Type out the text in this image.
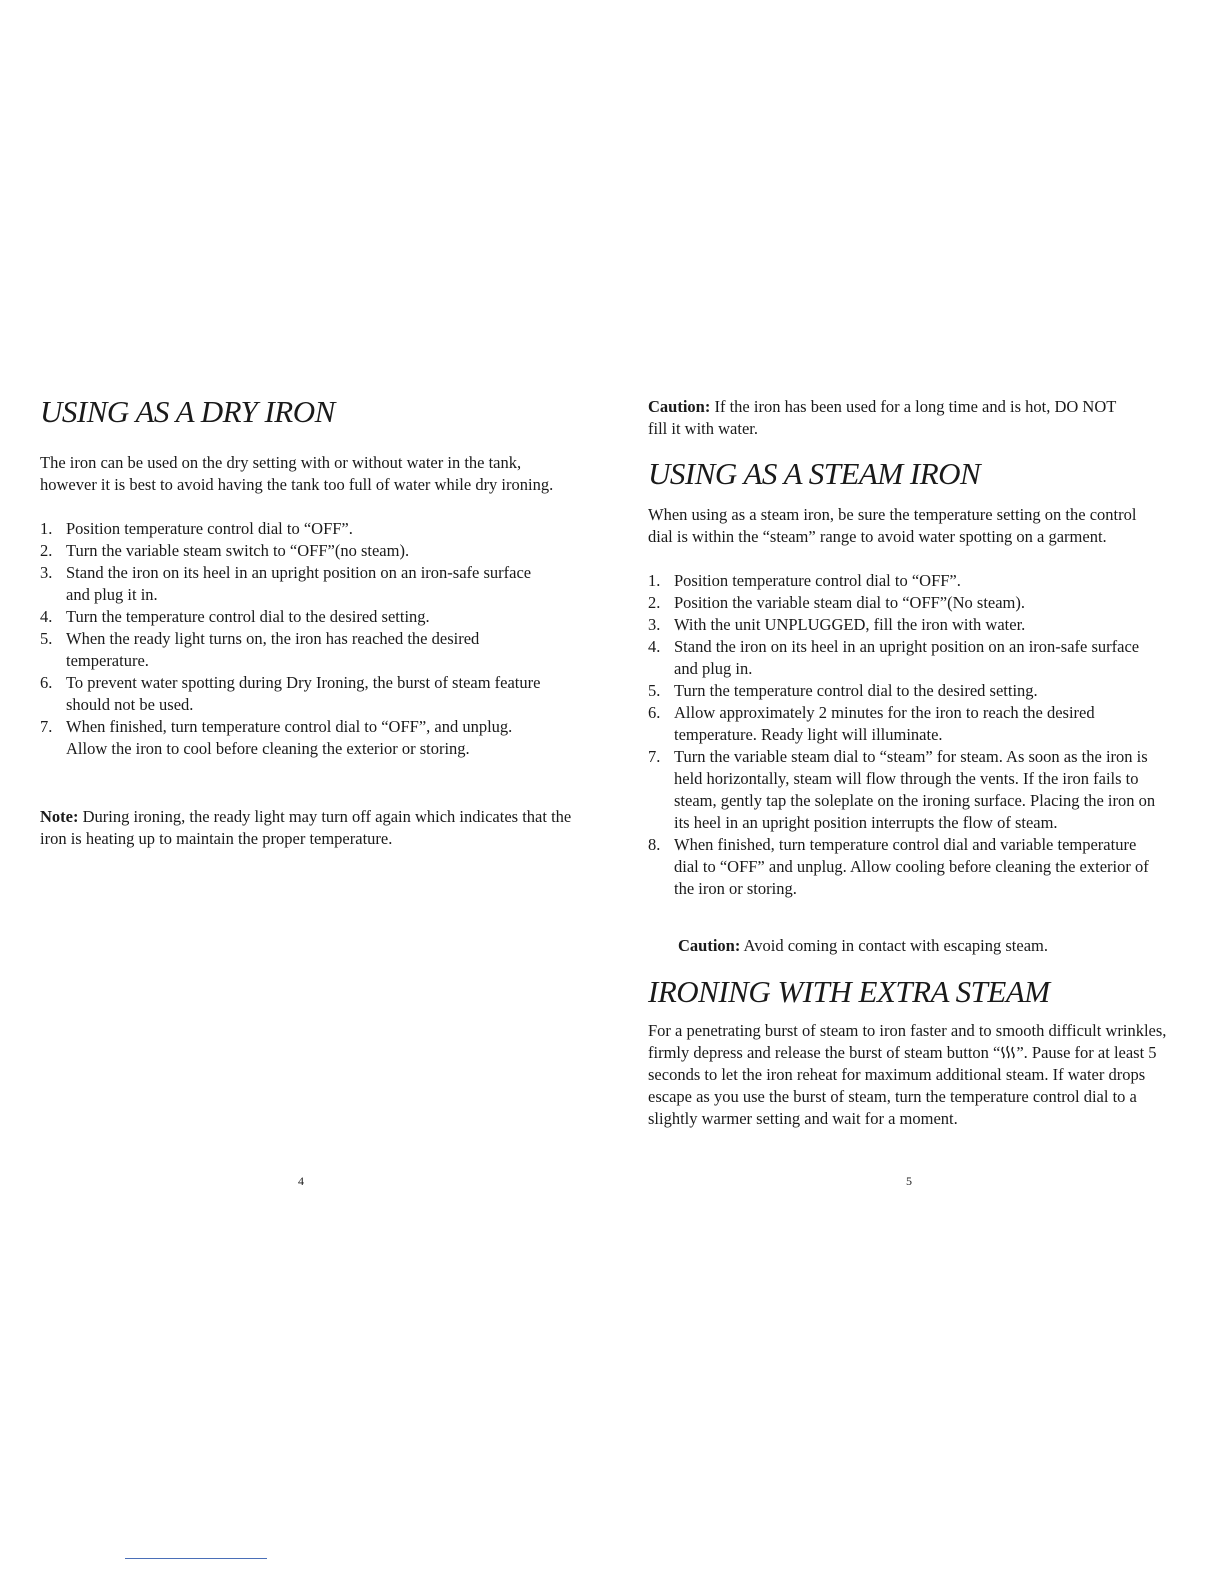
USING AS A DRY IRON

The iron can be used on the dry setting with or without water in the tank, however it is best to avoid having the tank too full of water while dry ironing.

1. Position temperature control dial to “OFF”.
2. Turn the variable steam switch to “OFF”(no steam).
3. Stand the iron on its heel in an upright position on an iron-safe surface and plug it in.
4. Turn the temperature control dial to the desired setting.
5. When the ready light turns on, the iron has reached the desired temperature.
6. To prevent water spotting during Dry Ironing, the burst of steam feature should not be used.
7. When finished, turn temperature control dial to “OFF”, and unplug. Allow the iron to cool before cleaning the exterior or storing.

Note: During ironing, the ready light may turn off again which indicates that the iron is heating up to maintain the proper temperature.

4

Caution: If the iron has been used for a long time and is hot, DO NOT fill it with water.

USING AS A STEAM IRON

When using as a steam iron, be sure the temperature setting on the control dial is within the “steam” range to avoid water spotting on a garment.

1. Position temperature control dial to “OFF”.
2. Position the variable steam dial to “OFF”(No steam).
3. With the unit UNPLUGGED, fill the iron with water.
4. Stand the iron on its heel in an upright position on an iron-safe surface and plug in.
5. Turn the temperature control dial to the desired setting.
6. Allow approximately 2 minutes for the iron to reach the desired temperature. Ready light will illuminate.
7. Turn the variable steam dial to “steam” for steam. As soon as the iron is held horizontally, steam will flow through the vents. If the iron fails to steam, gently tap the soleplate on the ironing surface. Placing the iron on its heel in an upright position interrupts the flow of steam.
8. When finished, turn temperature control dial and variable temperature dial to “OFF” and unplug. Allow cooling before cleaning the exterior of the iron or storing.

Caution: Avoid coming in contact with escaping steam.

IRONING WITH EXTRA STEAM

For a penetrating burst of steam to iron faster and to smooth difficult wrinkles, firmly depress and release the burst of steam button “ ”. Pause for at least 5 seconds to let the iron reheat for maximum additional steam. If water drops escape as you use the burst of steam, turn the temperature control dial to a slightly warmer setting and wait for a moment.

5
